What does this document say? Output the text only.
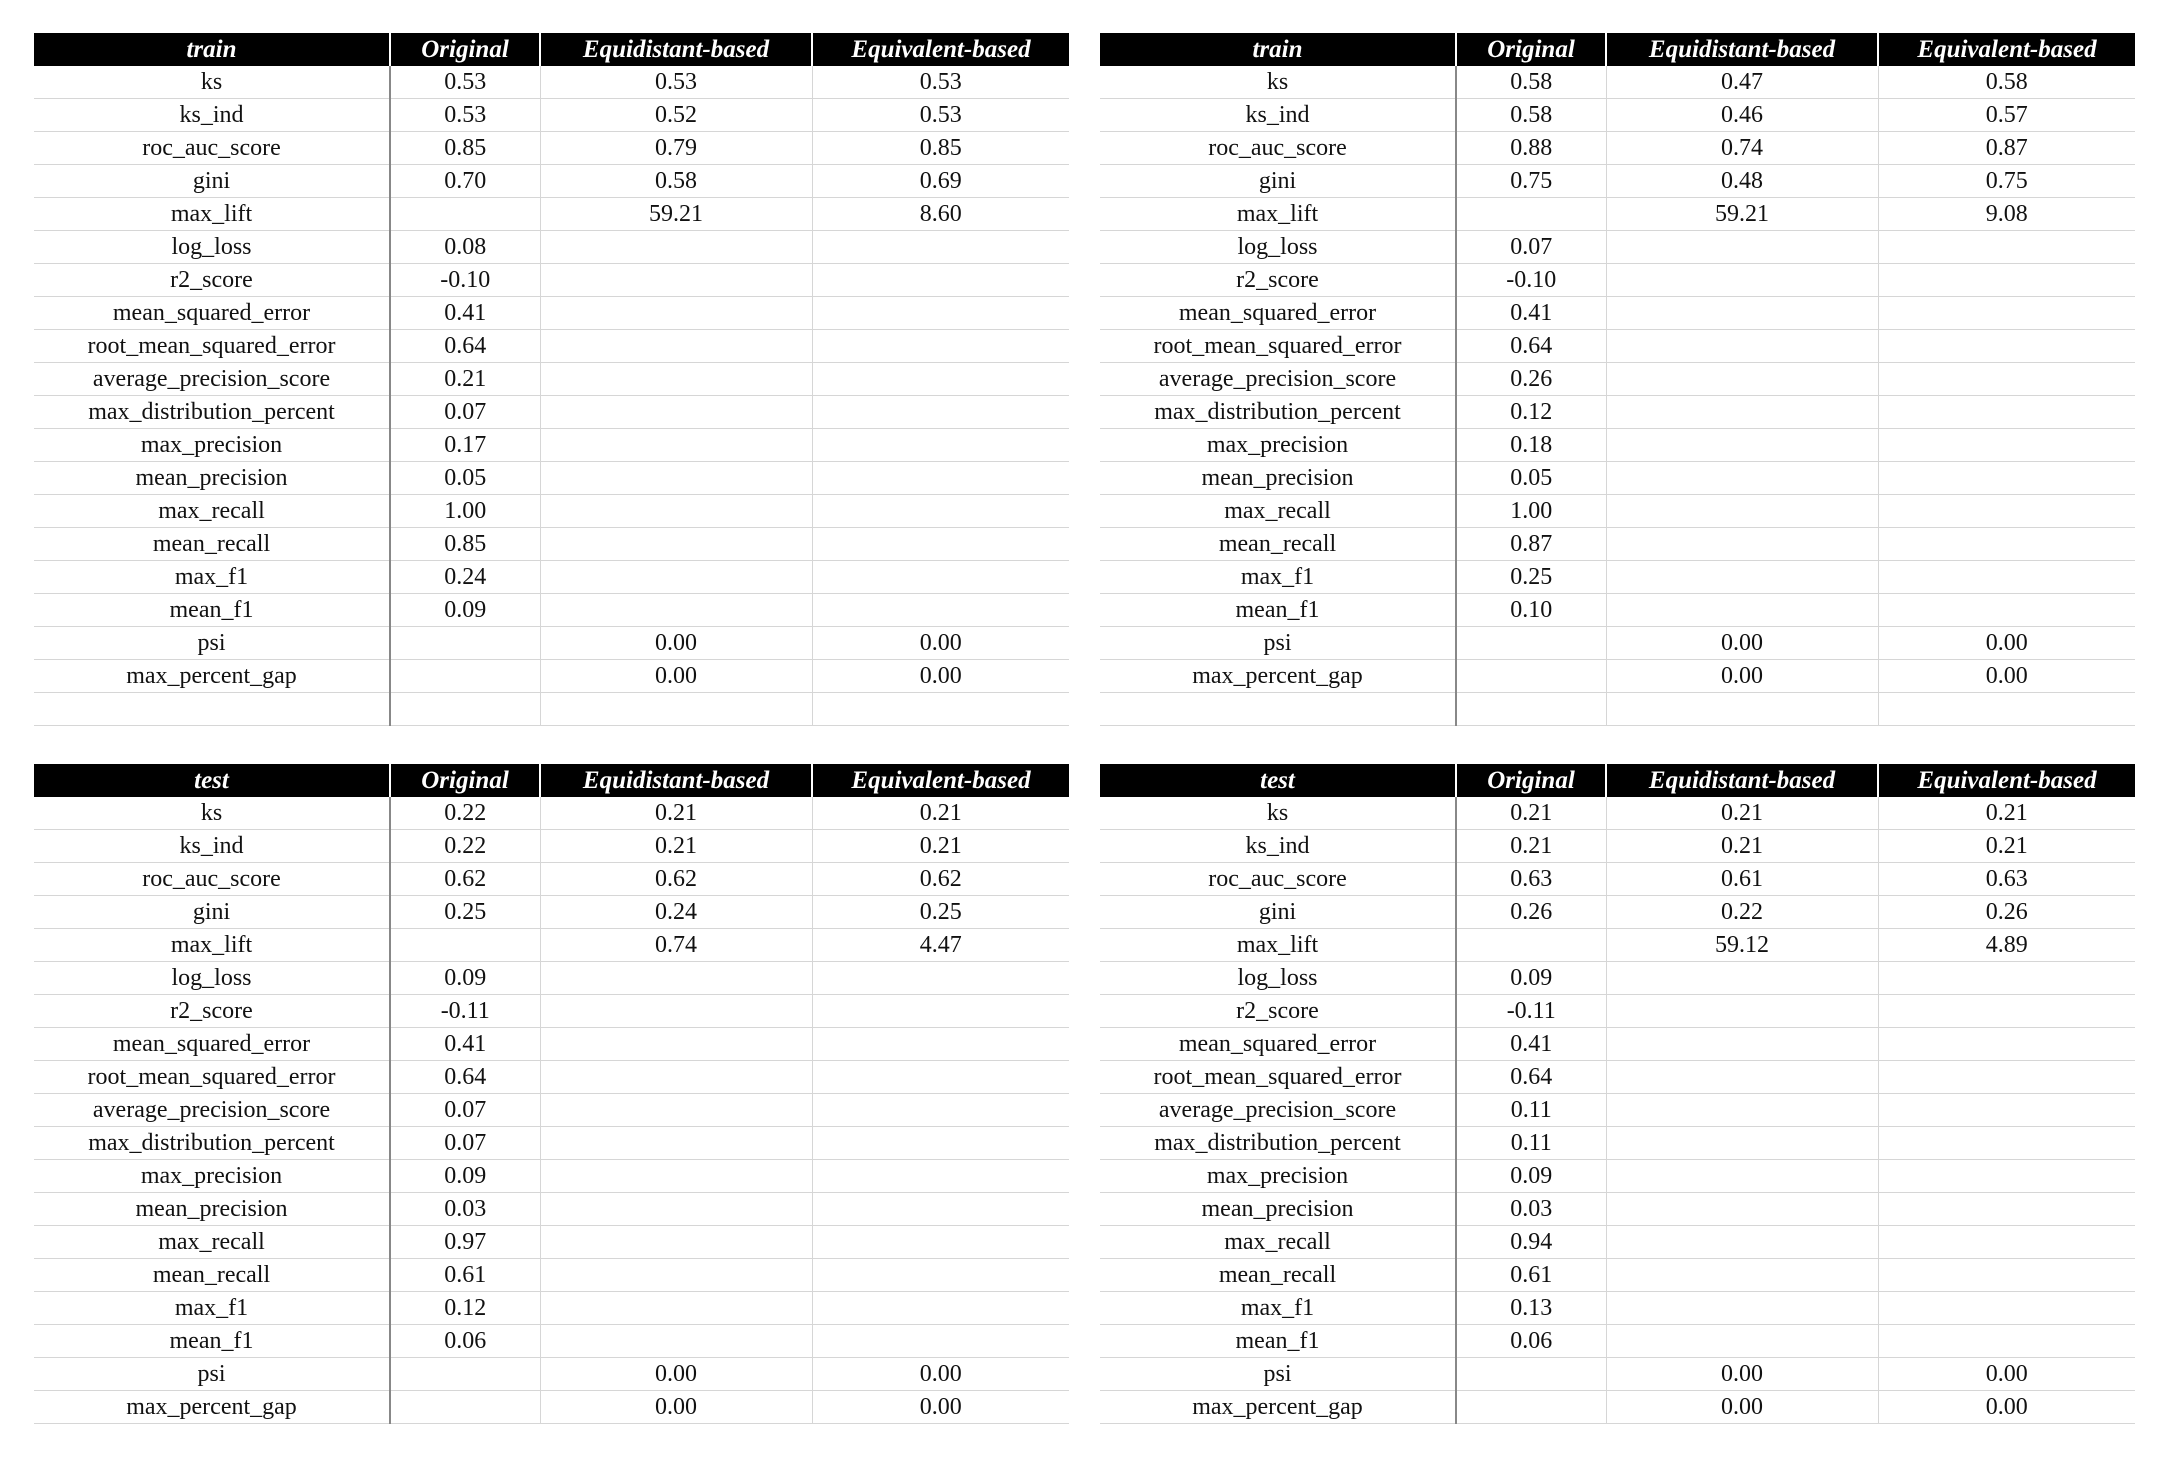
train	Original	Equidistant-based	Equivalent-based
ks	0.53	0.53	0.53
ks_ind	0.53	0.52	0.53
roc_auc_score	0.85	0.79	0.85
gini	0.70	0.58	0.69
max_lift		59.21	8.60
log_loss	0.08		
r2_score	-0.10		
mean_squared_error	0.41		
root_mean_squared_error	0.64		
average_precision_score	0.21		
max_distribution_percent	0.07		
max_precision	0.17		
mean_precision	0.05		
max_recall	1.00		
mean_recall	0.85		
max_f1	0.24		
mean_f1	0.09		
psi		0.00	0.00
max_percent_gap		0.00	0.00

train	Original	Equidistant-based	Equivalent-based
ks	0.58	0.47	0.58
ks_ind	0.58	0.46	0.57
roc_auc_score	0.88	0.74	0.87
gini	0.75	0.48	0.75
max_lift		59.21	9.08
log_loss	0.07		
r2_score	-0.10		
mean_squared_error	0.41		
root_mean_squared_error	0.64		
average_precision_score	0.26		
max_distribution_percent	0.12		
max_precision	0.18		
mean_precision	0.05		
max_recall	1.00		
mean_recall	0.87		
max_f1	0.25		
mean_f1	0.10		
psi		0.00	0.00
max_percent_gap		0.00	0.00

test	Original	Equidistant-based	Equivalent-based
ks	0.22	0.21	0.21
ks_ind	0.22	0.21	0.21
roc_auc_score	0.62	0.62	0.62
gini	0.25	0.24	0.25
max_lift		0.74	4.47
log_loss	0.09		
r2_score	-0.11		
mean_squared_error	0.41		
root_mean_squared_error	0.64		
average_precision_score	0.07		
max_distribution_percent	0.07		
max_precision	0.09		
mean_precision	0.03		
max_recall	0.97		
mean_recall	0.61		
max_f1	0.12		
mean_f1	0.06		
psi		0.00	0.00
max_percent_gap		0.00	0.00
test	Original	Equidistant-based	Equivalent-based
ks	0.21	0.21	0.21
ks_ind	0.21	0.21	0.21
roc_auc_score	0.63	0.61	0.63
gini	0.26	0.22	0.26
max_lift		59.12	4.89
log_loss	0.09		
r2_score	-0.11		
mean_squared_error	0.41		
root_mean_squared_error	0.64		
average_precision_score	0.11		
max_distribution_percent	0.11		
max_precision	0.09		
mean_precision	0.03		
max_recall	0.94		
mean_recall	0.61		
max_f1	0.13		
mean_f1	0.06		
psi		0.00	0.00
max_percent_gap		0.00	0.00
